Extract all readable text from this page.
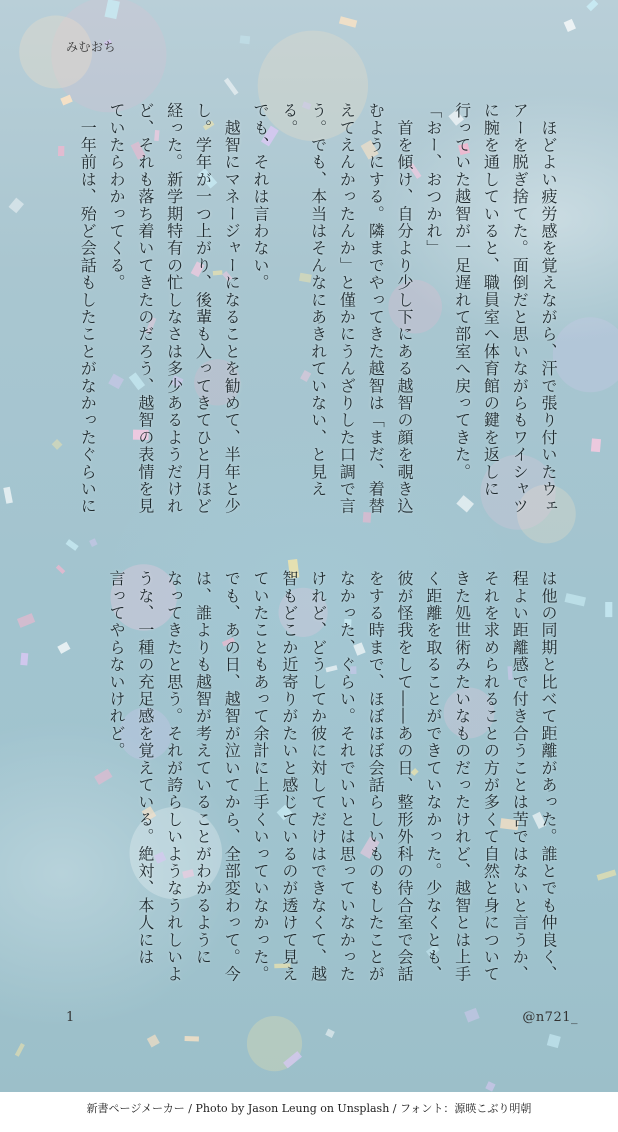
みむおち

　ほどよい疲労感を覚えながら、汗で張り付いたウェ

アーを脱ぎ捨てた。面倒だと思いながらもワイシャツ

に腕を通していると、職員室へ体育館の鍵を返しに

行っていた越智が一足遅れて部室へ戻ってきた。

「おー、おつかれ」

　首を傾け、自分より少し下にある越智の顔を覗き込

むようにする。隣までやってきた越智は「まだ、着替

えてえんかったんか」と僅かにうんざりした口調で言

う。でも、本当はそんなにあきれていない、と見える。

でも、それは言わない。

　越智にマネージャーになることを勧めて、半年と少

し。学年が一つ上がり、後輩も入ってきてひと月ほど

経った。新学期特有の忙しなさは多少あるようだけれ

ど、それも落ち着いてきたのだろう、越智の表情を見

ていたらわかってくる。

　一年前は、殆ど会話もしたことがなかったぐらいに

は他の同期と比べて距離があった。誰とでも仲良く、

程よい距離感で付き合うことは苦ではないと言うか、

それを求められることの方が多くて自然と身について

きた処世術みたいなものだったけれど、越智とは上手

く距離を取ることができていなかった。少なくとも、

彼が怪我をして――あの日、整形外科の待合室で会話

をする時まで、ほぼほぼ会話らしいものもしたことが

なかった、ぐらい。それでいいとは思っていなかった

けれど、どうしてか彼に対してだけはできなくて、越

智もどこか近寄りがたいと感じているのが透けて見え

ていたこともあって余計に上手くいっていなかった。

でも、あの日、越智が泣いてから、全部変わって。今

は、誰よりも越智が考えていることがわかるように

なってきたと思う。それが誇らしいようなうれしいよ

うな、一種の充足感を覚えている。絶対、本人には

言ってやらないけれど。

1	@n721_
新書ページメーカー / Photo by Jason Leung on Unsplash / フォント：源暎こぶり明朝
